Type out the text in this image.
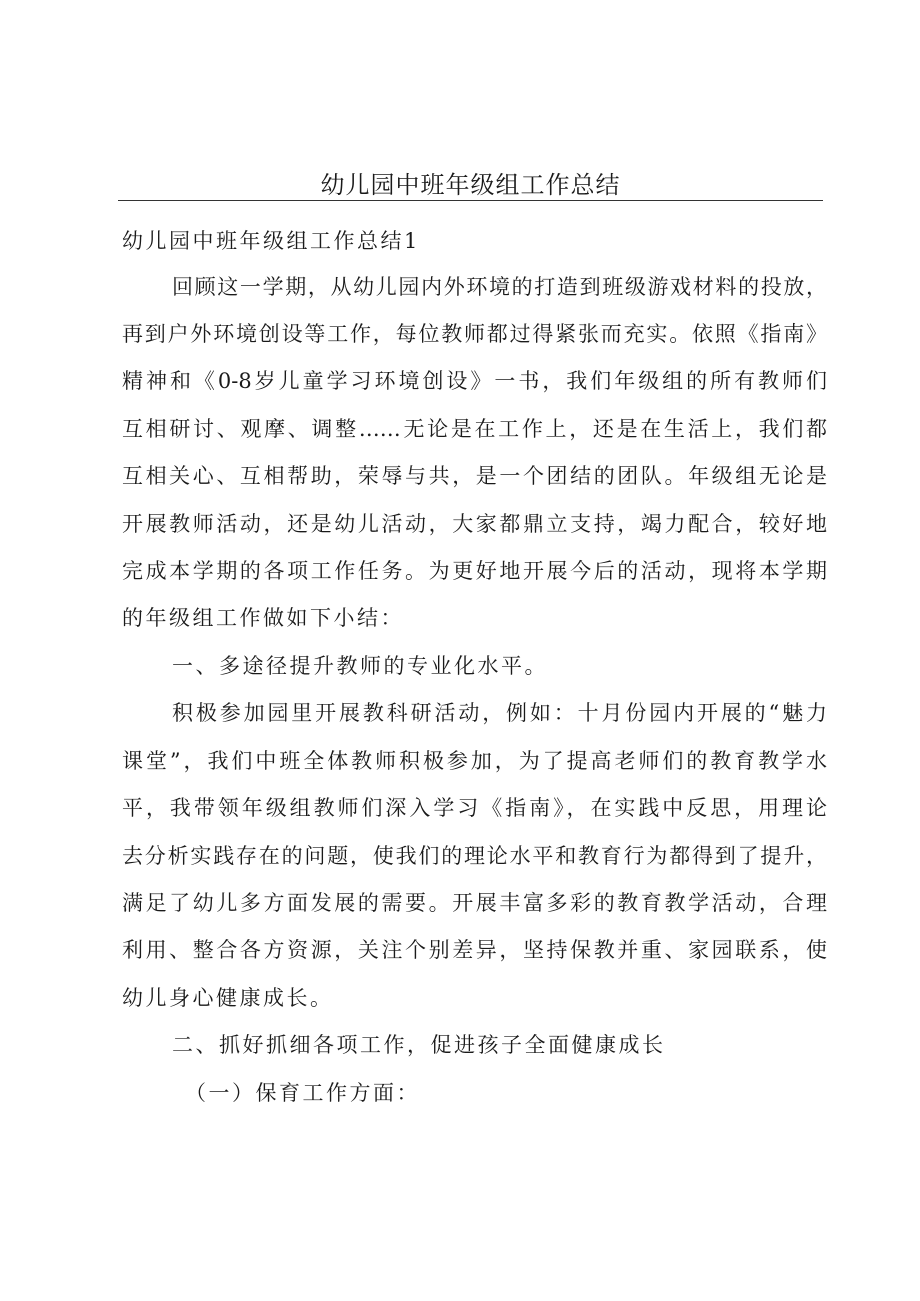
幼儿园中班年级组工作总结
幼儿园中班年级组工作总结1
回顾这一学期，从幼儿园内外环境的打造到班级游戏材料的投放，
再到户外环境创设等工作，每位教师都过得紧张而充实。依照《指南》
精神和《0-8岁儿童学习环境创设》一书，我们年级组的所有教师们
互相研讨、观摩、调整……无论是在工作上，还是在生活上，我们都
互相关心、互相帮助，荣辱与共，是一个团结的团队。年级组无论是
开展教师活动，还是幼儿活动，大家都鼎立支持，竭力配合，较好地
完成本学期的各项工作任务。为更好地开展今后的活动，现将本学期
的年级组工作做如下小结：
一、多途径提升教师的专业化水平。
积极参加园里开展教科研活动，例如：十月份园内开展的“魅力
课堂”，我们中班全体教师积极参加，为了提高老师们的教育教学水
平，我带领年级组教师们深入学习《指南》，在实践中反思，用理论
去分析实践存在的问题，使我们的理论水平和教育行为都得到了提升，
满足了幼儿多方面发展的需要。开展丰富多彩的教育教学活动，合理
利用、整合各方资源，关注个别差异，坚持保教并重、家园联系，使
幼儿身心健康成长。
二、抓好抓细各项工作，促进孩子全面健康成长
（一）保育工作方面：
